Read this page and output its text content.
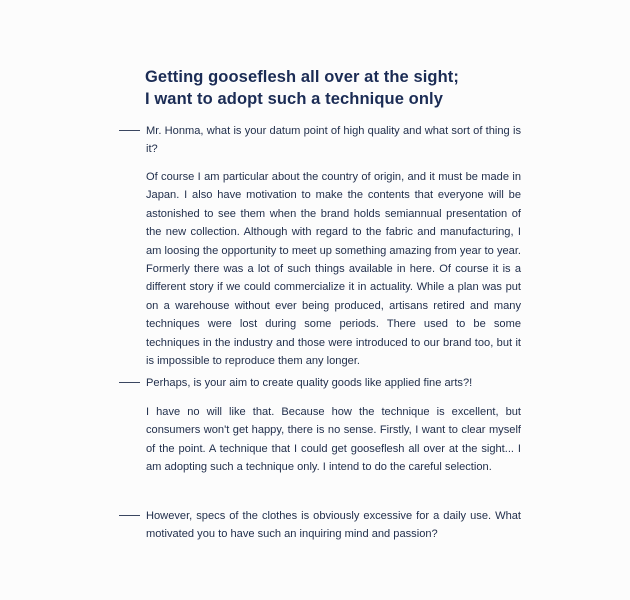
Getting gooseflesh all over at the sight;
I want to adopt such a technique only

Mr. Honma, what is your datum point of high quality and what sort of thing is it?

Of course I am particular about the country of origin, and it must be made in Japan. I also have motivation to make the contents that everyone will be astonished to see them when the brand holds semiannual presentation of the new collection. Although with regard to the fabric and manufacturing, I am loosing the opportunity to meet up something amazing from year to year. Formerly there was a lot of such things available in here. Of course it is a different story if we could commercialize it in actuality. While a plan was put on a warehouse without ever being produced, artisans retired and many techniques were lost during some periods. There used to be some techniques in the industry and those were introduced to our brand too, but it is impossible to reproduce them any longer.

Perhaps, is your aim to create quality goods like applied fine arts?!

I have no will like that. Because how the technique is excellent, but consumers won't get happy, there is no sense. Firstly, I want to clear myself of the point. A technique that I could get gooseflesh all over at the sight... I am adopting such a technique only. I intend to do the careful selection.

However, specs of the clothes is obviously excessive for a daily use. What motivated you to have such an inquiring mind and passion?
